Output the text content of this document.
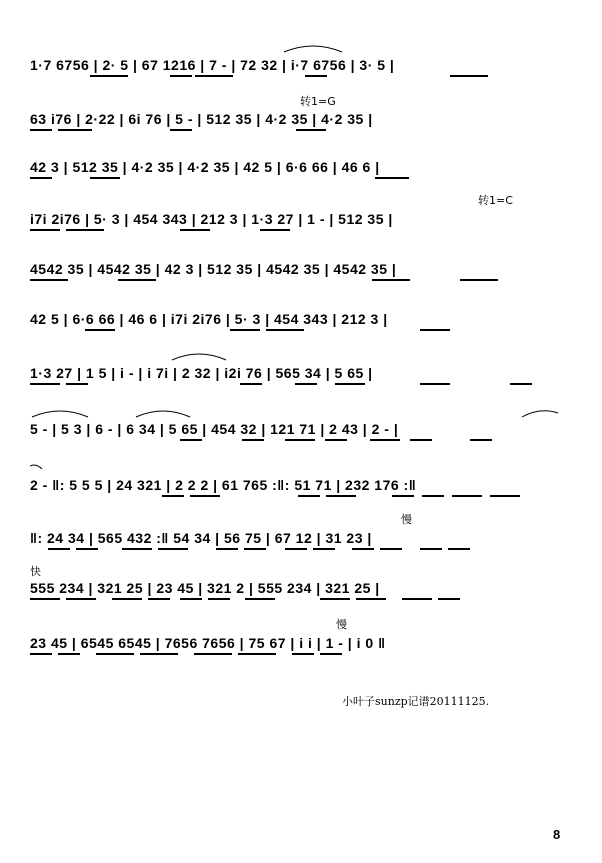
1·7 6756 | 2· 5 | 67 1216 | 7 - | 72 32 | i·7 6756 | 3· 5 |
转1=G
63 i76 | 2·22 | 6i 76 | 5 - | 512 35 | 4·2 35 | 4·2 35 |
42 3 | 512 35 | 4·2 35 | 4·2 35 | 42 5 | 6·6 66 | 46 6 |
转1=C
i7i 2i76 | 5· 3 | 454 343 | 212 3 | 1·3 27 | 1 - | 512 35 |
4542 35 | 4542 35 | 42 3 | 512 35 | 4542 35 | 4542 35 |
42 5 | 6·6 66 | 46 6 | i7i 2i76 | 5· 3 | 454 343 | 212 3 |
1·3 27 | 1 5 | i - | i 7i | 2 32 | i2i 76 | 565 34 | 5 65 |
5 - | 5 3 | 6 - | 6 34 | 5 65 | 454 32 | 121 71 | 2 43 | 2 - |
2 - ‖: 5 5 5 | 24 321 | 2 2 2 | 61 765 :‖: 51 71 | 232 176 :‖
慢
‖: 24 34 | 565 432 :‖ 54 34 | 56 75 | 67 12 | 31 23 |
快
555 234 | 321 25 | 23 45 | 321 2 | 555 234 | 321 25 |
慢
23 45 | 6545 6545 | 7656 7656 | 75 67 | i i | 1 - | i 0 ‖
小叶子sunzp记谱20111125.
8
